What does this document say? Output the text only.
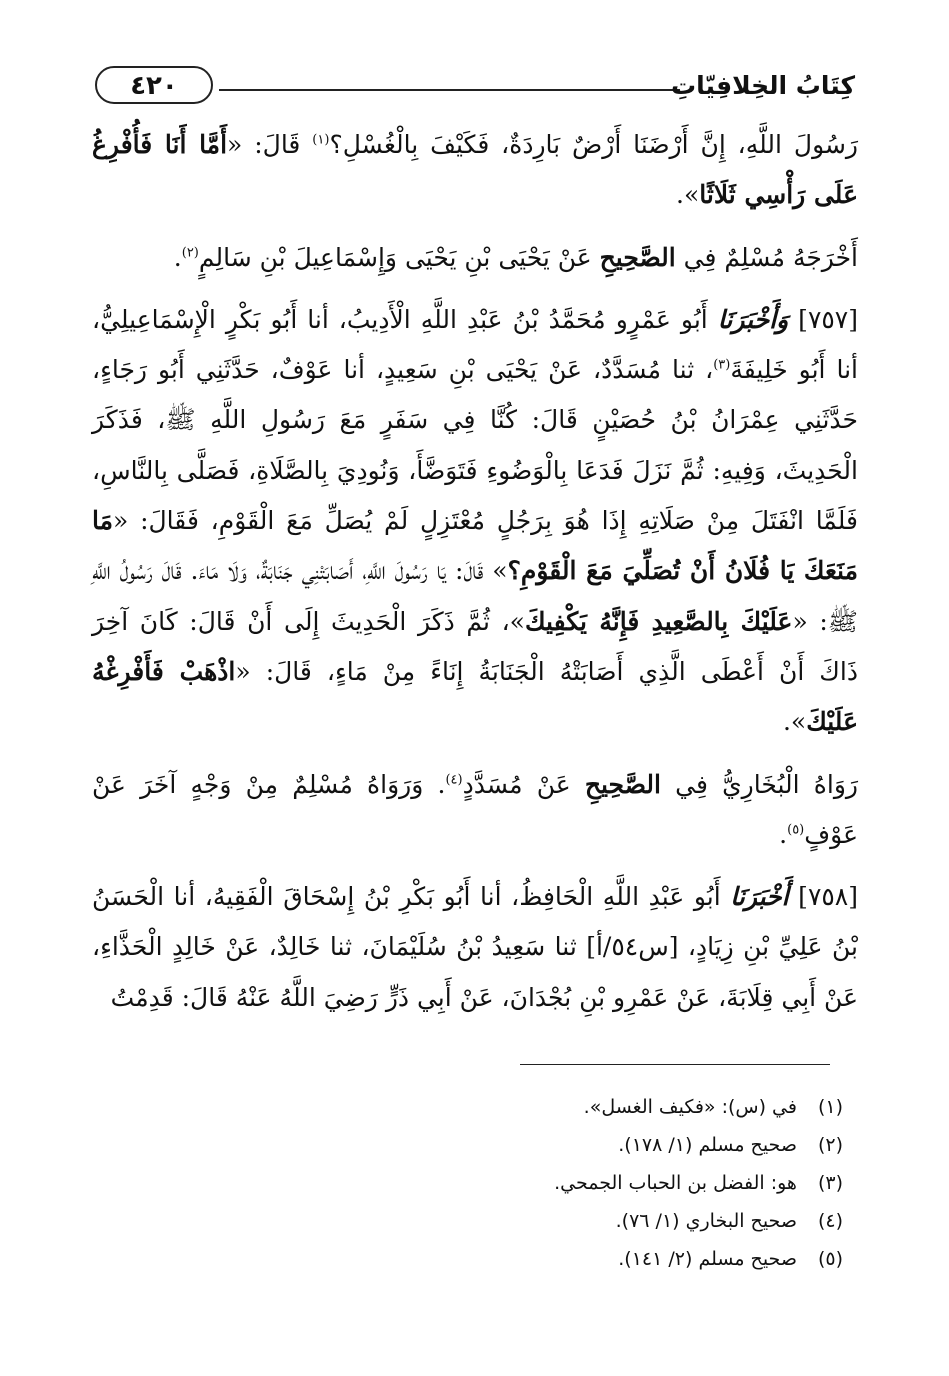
٤٢٠	كِتَابُ الخِلافِيّاتِ

رَسُولَ اللَّهِ، إِنَّ أَرْضَنَا أَرْضٌ بَارِدَةٌ، فَكَيْفَ بِالْغُسْلِ؟$^{(١)}$ قَالَ: «أَمَّا أَنَا فَأُفْرِغُ عَلَى رَأْسِي ثَلَاثًا».

أَخْرَجَهُ مُسْلِمٌ فِي الصَّحِيحِ عَنْ يَحْيَى بْنِ يَحْيَى وَإِسْمَاعِيلَ بْنِ سَالِمٍ$^{(٢)}$.

[٧٥٧] وَأَخْبَرَنَا أَبُو عَمْرٍو مُحَمَّدُ بْنُ عَبْدِ اللَّهِ الْأَدِيبُ، أنا أَبُو بَكْرٍ الْإِسْمَاعِيلِيُّ، أنا أَبُو خَلِيفَةَ$^{(٣)}$، ثنا مُسَدَّدٌ، عَنْ يَحْيَى بْنِ سَعِيدٍ، أنا عَوْفٌ، حَدَّثَنِي أَبُو رَجَاءٍ، حَدَّثَنِي عِمْرَانُ بْنُ حُصَيْنٍ قَالَ: كُنَّا فِي سَفَرٍ مَعَ رَسُولِ اللَّهِ ﷺ، فَذَكَرَ الْحَدِيثَ، وَفِيهِ: ثُمَّ نَزَلَ فَدَعَا بِالْوَضُوءِ فَتَوَضَّأَ، وَنُودِيَ بِالصَّلَاةِ، فَصَلَّى بِالنَّاسِ، فَلَمَّا انْفَتَلَ مِنْ صَلَاتِهِ إِذَا هُوَ بِرَجُلٍ مُعْتَزِلٍ لَمْ يُصَلِّ مَعَ الْقَوْمِ، فَقَالَ: «مَا مَنَعَكَ يَا فُلَانُ أَنْ تُصَلِّيَ مَعَ الْقَوْمِ؟» قَالَ: يَا رَسُولَ اللَّهِ، أَصَابَتْنِي جَنَابَةٌ، وَلَا مَاءَ. قَالَ رَسُولُ اللَّهِ ﷺ: «عَلَيْكَ بِالصَّعِيدِ فَإِنَّهُ يَكْفِيكَ»، ثُمَّ ذَكَرَ الْحَدِيثَ إِلَى أَنْ قَالَ: كَانَ آخِرَ ذَاكَ أَنْ أَعْطَى الَّذِي أَصَابَتْهُ الْجَنَابَةُ إِنَاءً مِنْ مَاءٍ، قَالَ: «اذْهَبْ فَأَفْرِغْهُ عَلَيْكَ».

رَوَاهُ الْبُخَارِيُّ فِي الصَّحِيحِ عَنْ مُسَدَّدٍ$^{(٤)}$. وَرَوَاهُ مُسْلِمٌ مِنْ وَجْهٍ آخَرَ عَنْ عَوْفٍ$^{(٥)}$.

[٧٥٨] أَخْبَرَنَا أَبُو عَبْدِ اللَّهِ الْحَافِظُ، أنا أَبُو بَكْرِ بْنُ إِسْحَاقَ الْفَقِيهُ، أنا الْحَسَنُ بْنُ عَلِيِّ بْنِ زِيَادٍ، [س٥٤/أ] ثنا سَعِيدُ بْنُ سُلَيْمَانَ، ثنا خَالِدٌ، عَنْ خَالِدٍ الْحَذَّاءِ، عَنْ أَبِي قِلَابَةَ، عَنْ عَمْرِو بْنِ بُجْدَانَ، عَنْ أَبِي ذَرٍّ رَضِيَ اللَّهُ عَنْهُ قَالَ: قَدِمْتُ

(١) في (س): «فكيف الغسل».
(٢) صحيح مسلم (١/ ١٧٨).
(٣) هو: الفضل بن الحباب الجمحي.
(٤) صحيح البخاري (١/ ٧٦).
(٥) صحيح مسلم (٢/ ١٤١).
